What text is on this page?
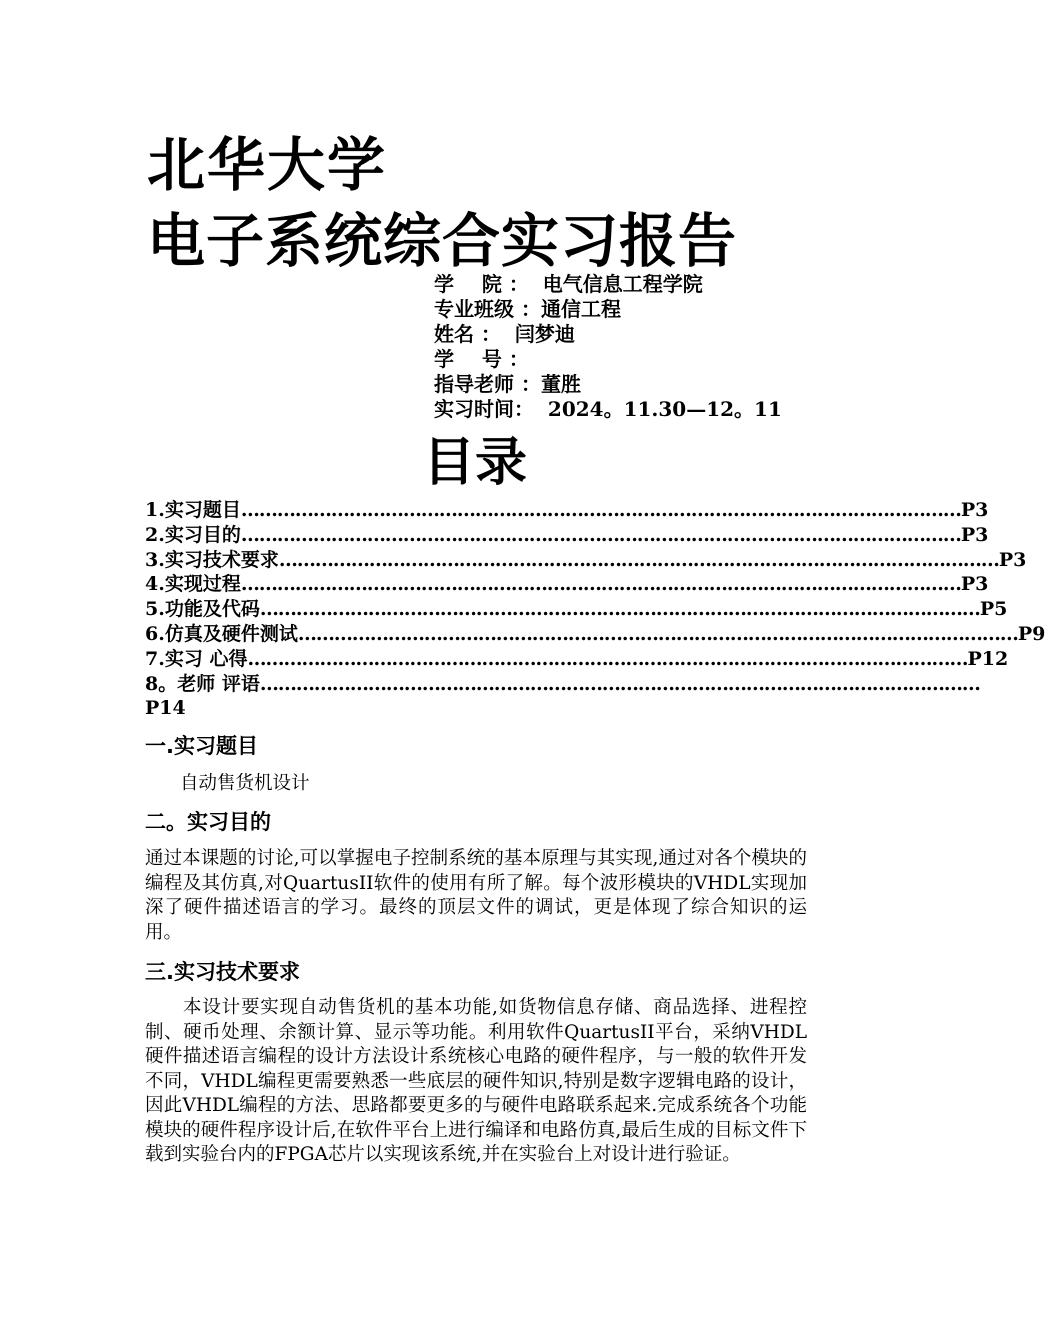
北华大学
电子系统综合实习报告
学    院 ：  电气信息工程学院
专业班级 ：通信工程
姓名 ：  闫梦迪
学    号 ：
指导老师 ：董胜
实习时间：  2024。11.30—12。11
目录
1. 实习题目 ………………………………………………………………………………………………………… P3
2. 实习目的 ………………………………………………………………………………………………………… P3
3. 实习技术要求 ………………………………………………………………………………………………………… P3
4. 实现过程 ………………………………………………………………………………………………………… P3
5. 功能及代码 ………………………………………………………………………………………………………… P5
6. 仿真及硬件测试 ………………………………………………………………………………………………………… P9
7. 实习 心得 ………………………………………………………………………………………………………… P12
8。 老师 评语 …………………………………………………………………………………………………………
P14
一.实习题目
自动售货机设计
二。实习目的
通过本课题的讨论,可以掌握电子控制系统的基本原理与其实现,通过对各个模块的编程及其仿真,对QuartusII软件的使用有所了解。每个波形模块的VHDL实现加深了硬件描述语言的学习。最终的顶层文件的调试，更是体现了综合知识的运用。
三.实习技术要求
本设计要实现自动售货机的基本功能,如货物信息存储、商品选择、进程控制、硬币处理、余额计算、显示等功能。利用软件QuartusII平台，采纳VHDL硬件描述语言编程的设计方法设计系统核心电路的硬件程序，与一般的软件开发不同，VHDL编程更需要熟悉一些底层的硬件知识,特别是数字逻辑电路的设计，因此VHDL编程的方法、思路都要更多的与硬件电路联系起来.完成系统各个功能模块的硬件程序设计后,在软件平台上进行编译和电路仿真,最后生成的目标文件下载到实验台内的FPGA芯片以实现该系统,并在实验台上对设计进行验证。
